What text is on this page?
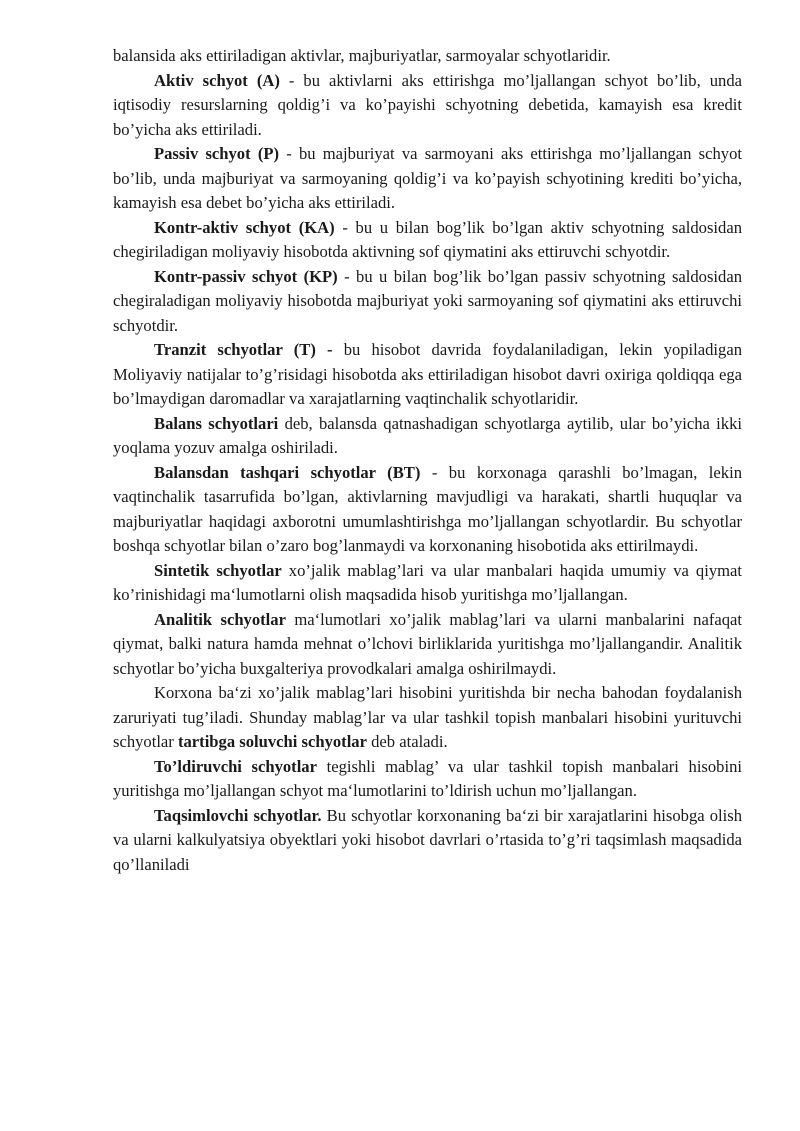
balansida aks ettiriladigan aktivlar, majburiyatlar, sarmoyalar schyotlaridir.

Aktiv schyot (A) - bu aktivlarni aks ettirishga mo’ljallangan schyot bo’lib, unda iqtisodiy resurslarning qoldig’i va ko’payishi schyotning debetida, kamayish esa kredit bo’yicha aks ettiriladi.

Passiv schyot (P) - bu majburiyat va sarmoyani aks ettirishga mo’ljallangan schyot bo’lib, unda majburiyat va sarmoyaning qoldig’i va ko’payish schyotining krediti bo’yicha, kamayish esa debet bo’yicha aks ettiriladi.

Kontr-aktiv schyot (KA) - bu u bilan bog’lik bo’lgan aktiv schyotning saldosidan chegiriladigan moliyaviy hisobotda aktivning sof qiymatini aks ettiruvchi schyotdir.

Kontr-passiv schyot (KP) - bu u bilan bog’lik bo’lgan passiv schyotning saldosidan chegiraladigan moliyaviy hisobotda majburiyat yoki sarmoyaning sof qiymatini aks ettiruvchi schyotdir.

Tranzit schyotlar (T) - bu hisobot davrida foydalaniladigan, lekin yopiladigan Moliyaviy natijalar to’g’risidagi hisobotda aks ettiriladigan hisobot davri oxiriga qoldiqqa ega bo’lmaydigan daromadlar va xarajatlarning vaqtinchalik schyotlaridir.

Balans schyotlari deb, balansda qatnashadigan schyotlarga aytilib, ular bo’yicha ikki yoqlama yozuv amalga oshiriladi.

Balansdan tashqari schyotlar (BT) - bu korxonaga qarashli bo’lmagan, lekin vaqtinchalik tasarrufida bo’lgan, aktivlarning mavjudligi va harakati, shartli huquqlar va majburiyatlar haqidagi axborotni umumlashtirishga mo’ljallangan schyotlardir. Bu schyotlar boshqa schyotlar bilan o’zaro bog’lanmaydi va korxonaning hisobotida aks ettirilmaydi.

Sintetik schyotlar xo’jalik mablag’lari va ular manbalari haqida umumiy va qiymat ko’rinishidagi ma‘lumotlarni olish maqsadida hisob yuritishga mo’ljallangan.

Analitik schyotlar ma‘lumotlari xo’jalik mablag’lari va ularni manbalarini nafaqat qiymat, balki natura hamda mehnat o’lchovi birliklarida yuritishga mo’ljallangandir. Analitik schyotlar bo’yicha buxgalteriya provodkalari amalga oshirilmaydi.

Korxona ba‘zi xo’jalik mablag’lari hisobini yuritishda bir necha bahodan foydalanish zaruriyati tug’iladi. Shunday mablag’lar va ular tashkil topish manbalari hisobini yurituvchi schyotlar tartibga soluvchi schyotlar deb ataladi.

To’ldiruvchi schyotlar tegishli mablag’ va ular tashkil topish manbalari hisobini yuritishga mo’ljallangan schyot ma‘lumotlarini to’ldirish uchun mo’ljallangan.

Taqsimlovchi schyotlar. Bu schyotlar korxonaning ba‘zi bir xarajatlarini hisobga olish va ularni kalkulyatsiya obyektlari yoki hisobot davrlari o’rtasida to’g’ri taqsimlash maqsadida qo’llaniladi
